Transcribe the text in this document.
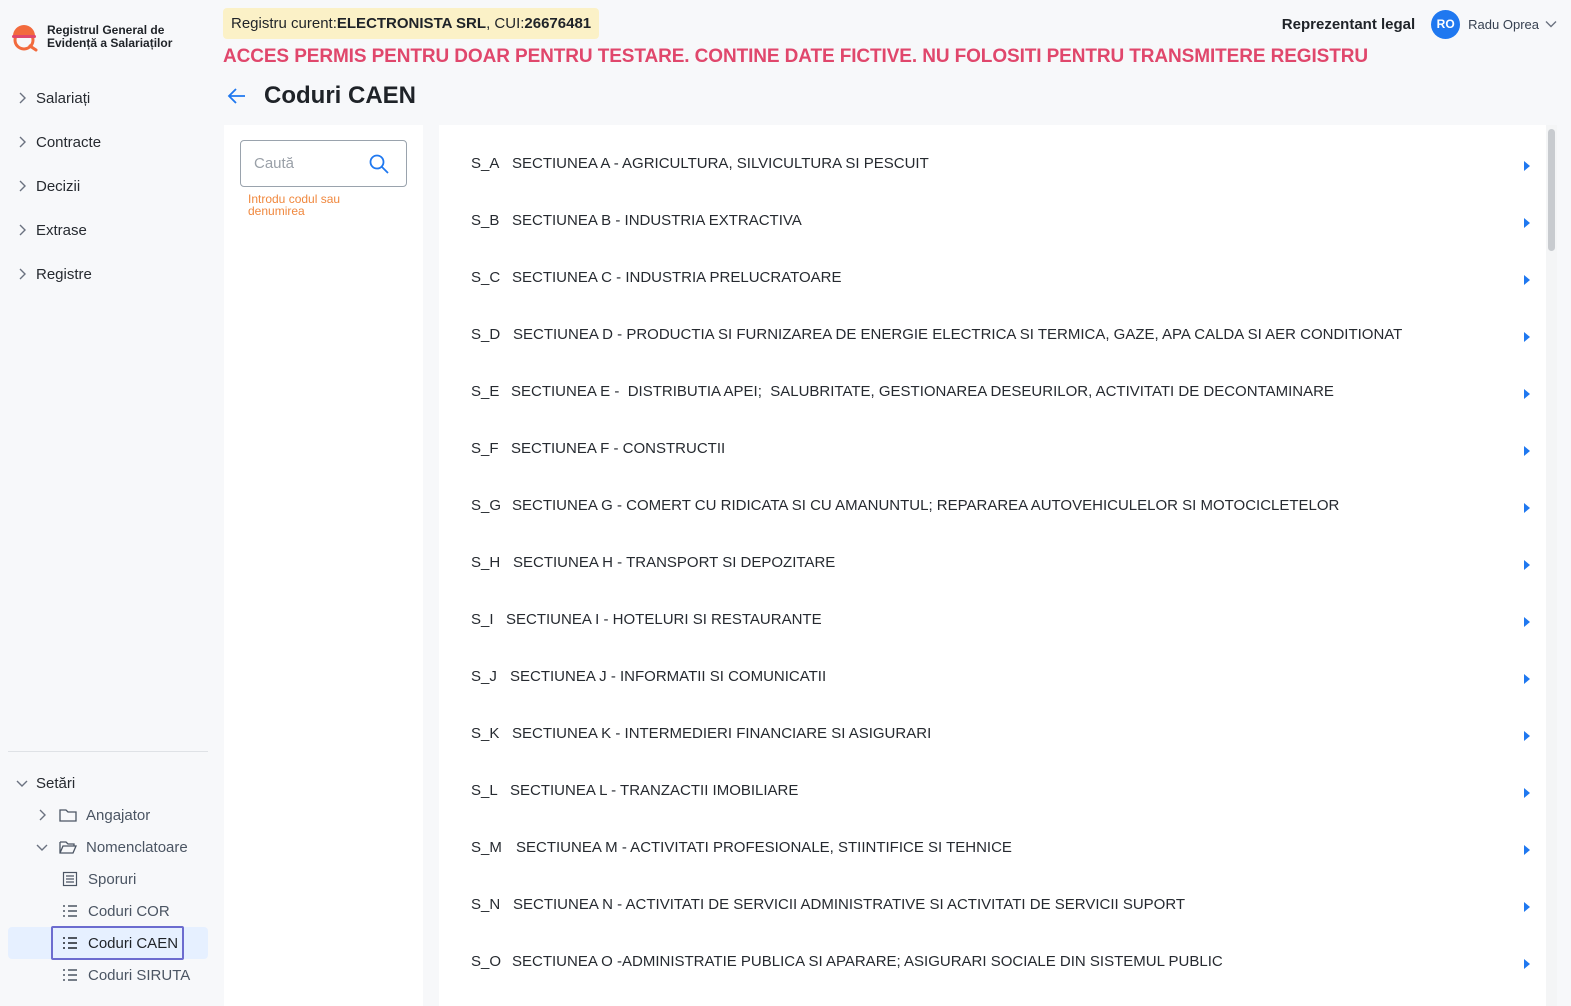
Registrul General de Evidență a Salariaților
Salariați
Contracte
Decizii
Extrase
Registre
Setări
Angajator
Nomenclatoare
Sporuri
Coduri COR
Coduri CAEN
Coduri SIRUTA
Registru curent: ELECTRONISTA SRL , CUI: 26676481
ACCES PERMIS PENTRU DOAR PENTRU TESTARE. CONTINE DATE FICTIVE. NU FOLOSITI PENTRU TRANSMITERE REGISTRU
Reprezentant legal	RO	Radu Oprea
Coduri CAEN
Caută
Introdu codul sau denumirea
S_A SECTIUNEA A - AGRICULTURA, SILVICULTURA SI PESCUIT
S_B SECTIUNEA B - INDUSTRIA EXTRACTIVA
S_C SECTIUNEA C - INDUSTRIA PRELUCRATOARE
S_D SECTIUNEA D - PRODUCTIA SI FURNIZAREA DE ENERGIE ELECTRICA SI TERMICA, GAZE, APA CALDA SI AER CONDITIONAT
S_E SECTIUNEA E -  DISTRIBUTIA APEI;  SALUBRITATE, GESTIONAREA DESEURILOR, ACTIVITATI DE DECONTAMINARE
S_F SECTIUNEA F - CONSTRUCTII
S_G SECTIUNEA G - COMERT CU RIDICATA SI CU AMANUNTUL; REPARAREA AUTOVEHICULELOR SI MOTOCICLETELOR
S_H SECTIUNEA H - TRANSPORT SI DEPOZITARE
S_I SECTIUNEA I - HOTELURI SI RESTAURANTE
S_J SECTIUNEA J - INFORMATII SI COMUNICATII
S_K SECTIUNEA K - INTERMEDIERI FINANCIARE SI ASIGURARI
S_L SECTIUNEA L - TRANZACTII IMOBILIARE
S_M SECTIUNEA M - ACTIVITATI PROFESIONALE, STIINTIFICE SI TEHNICE
S_N SECTIUNEA N - ACTIVITATI DE SERVICII ADMINISTRATIVE SI ACTIVITATI DE SERVICII SUPORT
S_O SECTIUNEA O -ADMINISTRATIE PUBLICA SI APARARE; ASIGURARI SOCIALE DIN SISTEMUL PUBLIC
